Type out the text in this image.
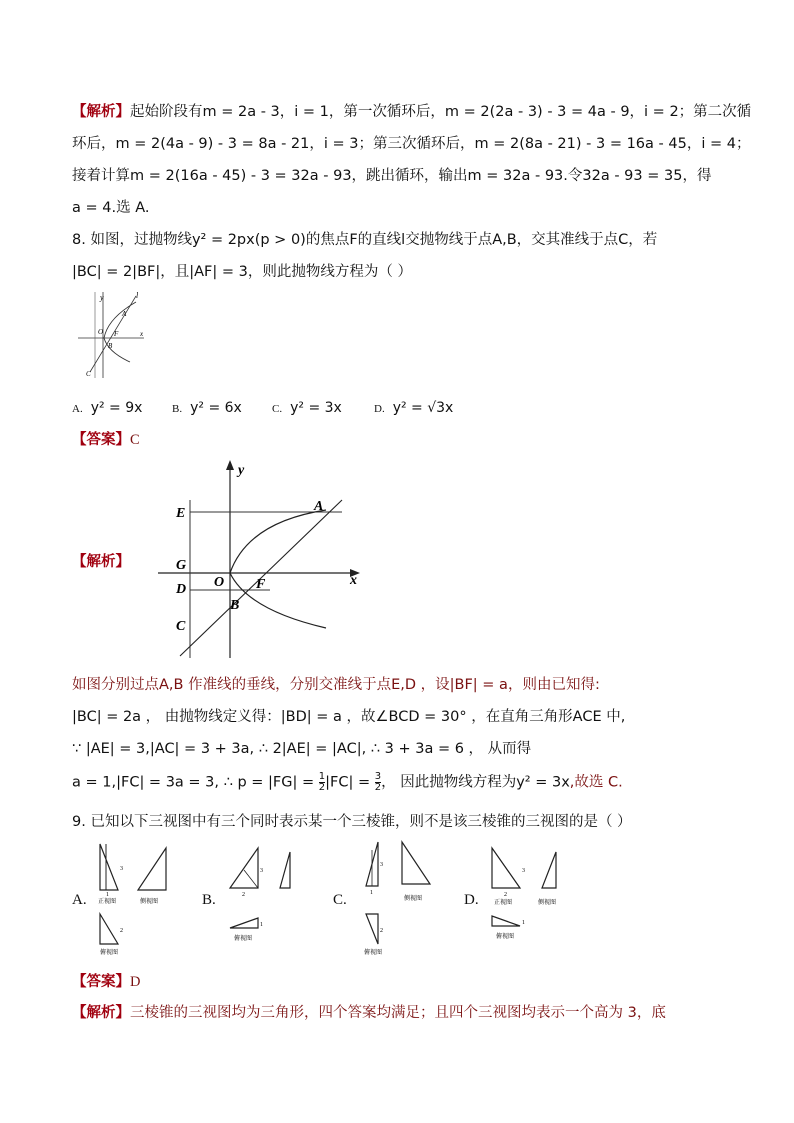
【解析】起始阶段有m = 2a - 3，i = 1，第一次循环后，m = 2(2a - 3) - 3 = 4a - 9，i = 2；第二次循
环后，m = 2(4a - 9) - 3 = 8a - 21，i = 3；第三次循环后，m = 2(8a - 21) - 3 = 16a - 45，i = 4；
接着计算m = 2(16a - 45) - 3 = 32a - 93，跳出循环，输出m = 32a - 93.令32a - 93 = 35，得
a = 4.选 A.
8. 如图，过抛物线y² = 2px(p > 0)的焦点F的直线l交抛物线于点A,B，交其准线于点C，若
|BC| = 2|BF|，且|AF| = 3，则此抛物线方程为（ ）
y	l
A
O F	x
B
C
A. y² = 9x	B. y² = 6x	C. y² = 3x	D. y² = √3x
【答案】C
【解析】
A
y
E
G
O F	x
D
B
C
如图分别过点A,B 作准线的垂线，分别交准线于点E,D ，设|BF| = a，则由已知得:
|BC| = 2a ， 由抛物线定义得：|BD| = a ，故∠BCD = 30° ，在直角三角形ACE 中,
∵ |AE| = 3,|AC| = 3 + 3a, ∴ 2|AE| = |AC|, ∴ 3 + 3a = 6 ， 从而得
a = 1,|FC| = 3a = 3, ∴ $p = |FG| = \frac{1}{2} |FC| = \frac{3}{2}$ ， 因此抛物线方程为y² = 3x,故选 C.
9. 已知以下三视图中有三个同时表示某一个三棱锥，则不是该三棱锥的三视图的是（ ）
A.
3
1
正视图	侧视图
2
俯视图
B.
3
2
1
俯视图
C.
3
1
侧视图
2
俯视图
D.
3
2
正视图	侧视图
1
俯视图
【答案】D
【解析】三棱锥的三视图均为三角形，四个答案均满足；且四个三视图均表示一个高为 3，底
